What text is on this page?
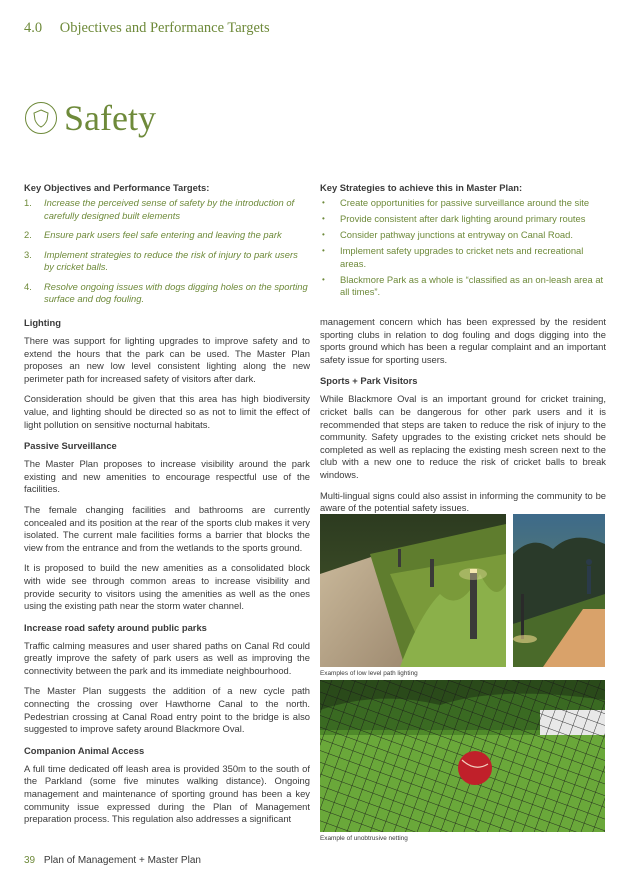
4.0 Objectives and Performance Targets
Safety
Key Objectives and Performance Targets:
1. Increase the perceived sense of safety by the introduction of carefully designed built elements
2. Ensure park users feel safe entering and leaving the park
3. Implement strategies to reduce the risk of injury to park users by cricket balls.
4. Resolve ongoing issues with dogs digging holes on the sporting surface and dog fouling.
Key Strategies to achieve this in Master Plan:
• Create opportunities for passive surveillance around the site
• Provide consistent after dark lighting around primary routes
• Consider pathway junctions at entryway on Canal Road.
• Implement safety upgrades to cricket nets and recreational areas.
• Blackmore Park as a whole is “classified as an on-leash area at all times”.
Lighting
There was support for lighting upgrades to improve safety and to extend the hours that the park can be used. The Master Plan proposes an new low level consistent lighting along the new perimeter path for increased safety of visitors after dark.
Consideration should be given that this area has high biodiversity value, and lighting should be directed so as not to limit the effect of light pollution on sensitive nocturnal habitats.
Passive Surveillance
The Master Plan proposes to increase visibility around the park existing and new amenities to encourage respectful use of the facilities.
The female changing facilities and bathrooms are currently concealed and its position at the rear of the sports club makes it very isolated. The current male facilities forms a barrier that blocks the view from the entrance and from the wetlands to the sports ground.
It is proposed to build the new amenities as a consolidated block with wide see through common areas to increase visibility and provide security to visitors using the amenities as well as the ones using the existing path near the storm water channel.
Increase road safety around public parks
Traffic calming measures and user shared paths on Canal Rd could greatly improve the safety of park users as well as improving the connectivity between the park and its immediate neighbourhood.
The Master Plan suggests the addition of a new cycle path connecting the crossing over Hawthorne Canal to the north. Pedestrian crossing at Canal Road entry point to the bridge is also suggested to improve safety around Blackmore Oval.
Companion Animal Access
A full time dedicated off leash area is provided 350m to the south of the Parkland (some five minutes walking distance). Ongoing management and maintenance of sporting ground has been a key community issue expressed during the Plan of Management preparation process. This regulation also addresses a significant
management concern which has been expressed by the resident sporting clubs in relation to dog fouling and dogs digging into the sports ground which has been a regular complaint and an important safety issue for sporting users.
Sports + Park Visitors
While Blackmore Oval is an important ground for cricket training, cricket balls can be dangerous for other park users and it is recommended that steps are taken to reduce the risk of injury to the community. Safety upgrades to the existing cricket nets should be completed as well as replacing the existing mesh screen next to the club with a new one to reduce the risk of cricket balls to break windows.
Multi-lingual signs could also assist in informing the community to be aware of the potential safety issues.
Examples of low level path lighting
Example of unobtrusive netting
39 Plan of Management + Master Plan
